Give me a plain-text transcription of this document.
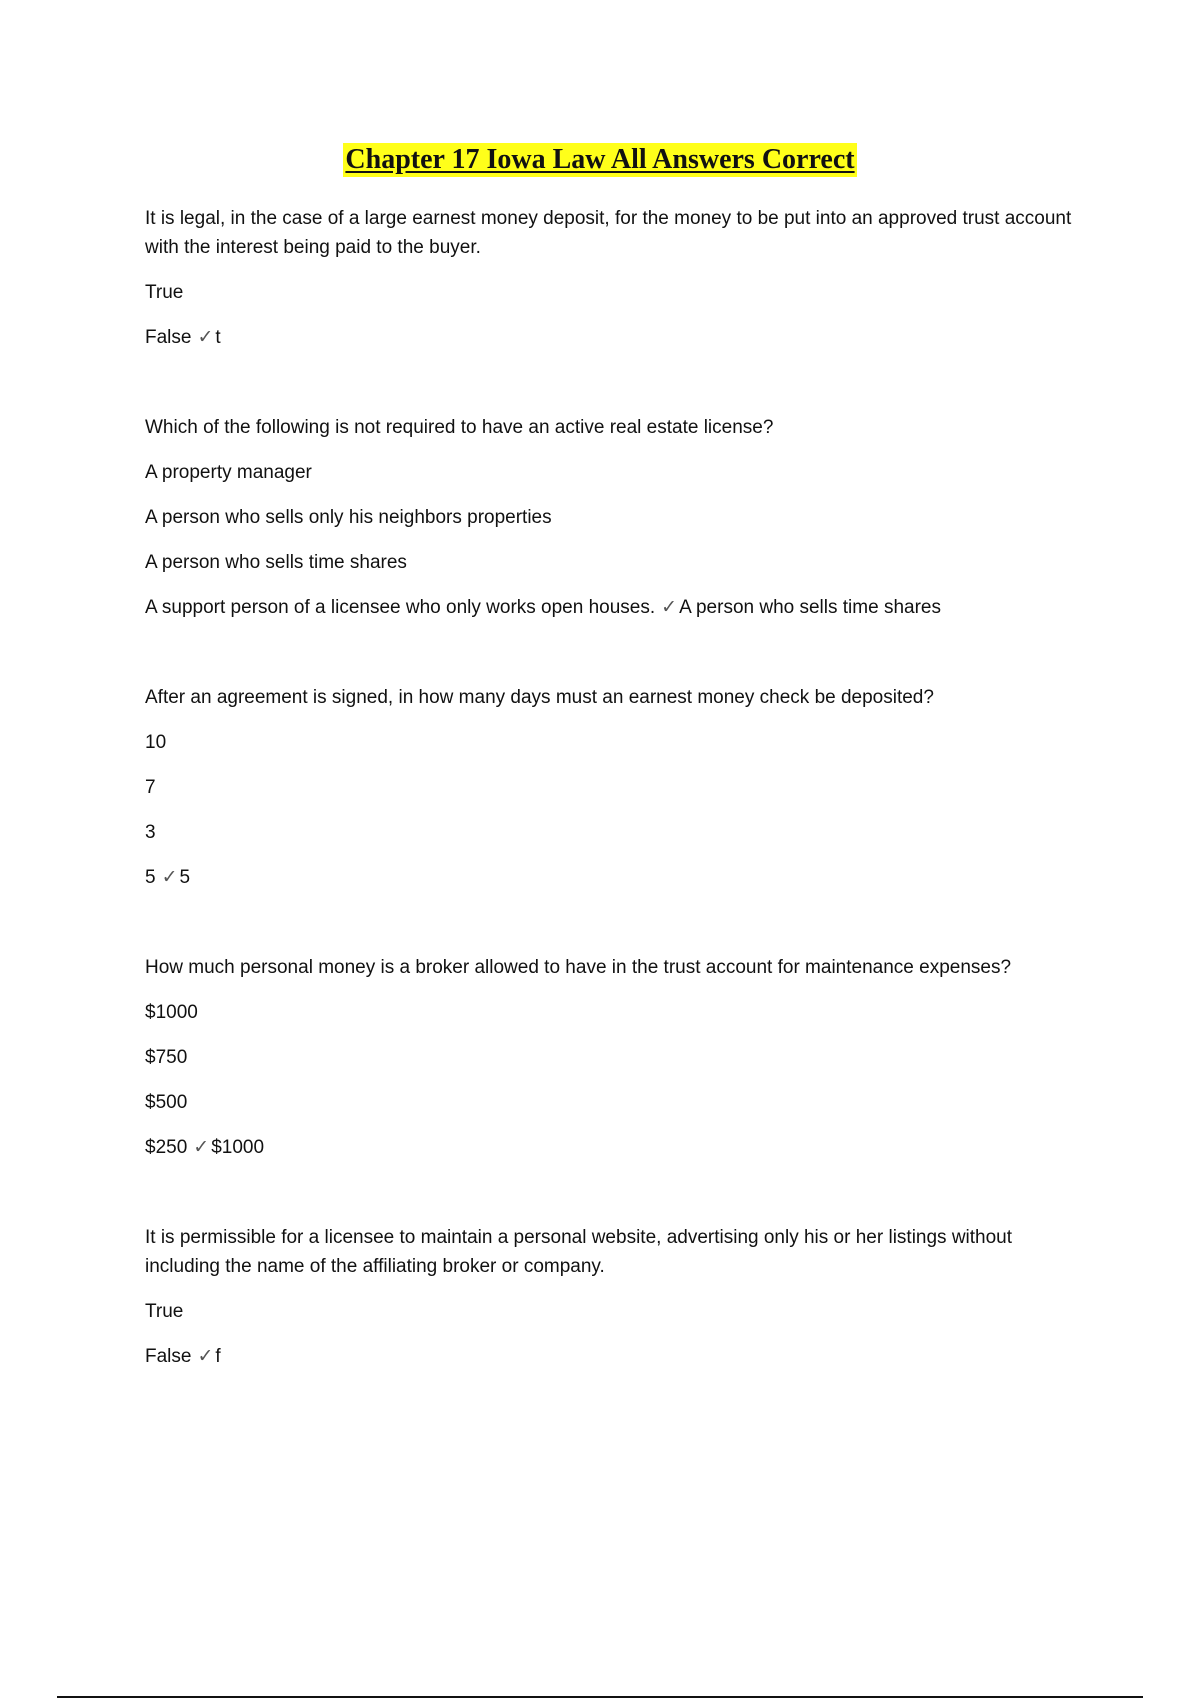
Chapter 17 Iowa Law All Answers Correct

It is legal, in the case of a large earnest money deposit, for the money to be put into an approved trust account with the interest being paid to the buyer.

True

False ✓ t

Which of the following is not required to have an active real estate license?

A property manager

A person who sells only his neighbors properties

A person who sells time shares

A support person of a licensee who only works open houses. ✓ A person who sells time shares

After an agreement is signed, in how many days must an earnest money check be deposited?

10

7

3

5 ✓ 5

How much personal money is a broker allowed to have in the trust account for maintenance expenses?

$1000

$750

$500

$250 ✓ $1000

It is permissible for a licensee to maintain a personal website, advertising only his or her listings without including the name of the affiliating broker or company.

True

False ✓ f
